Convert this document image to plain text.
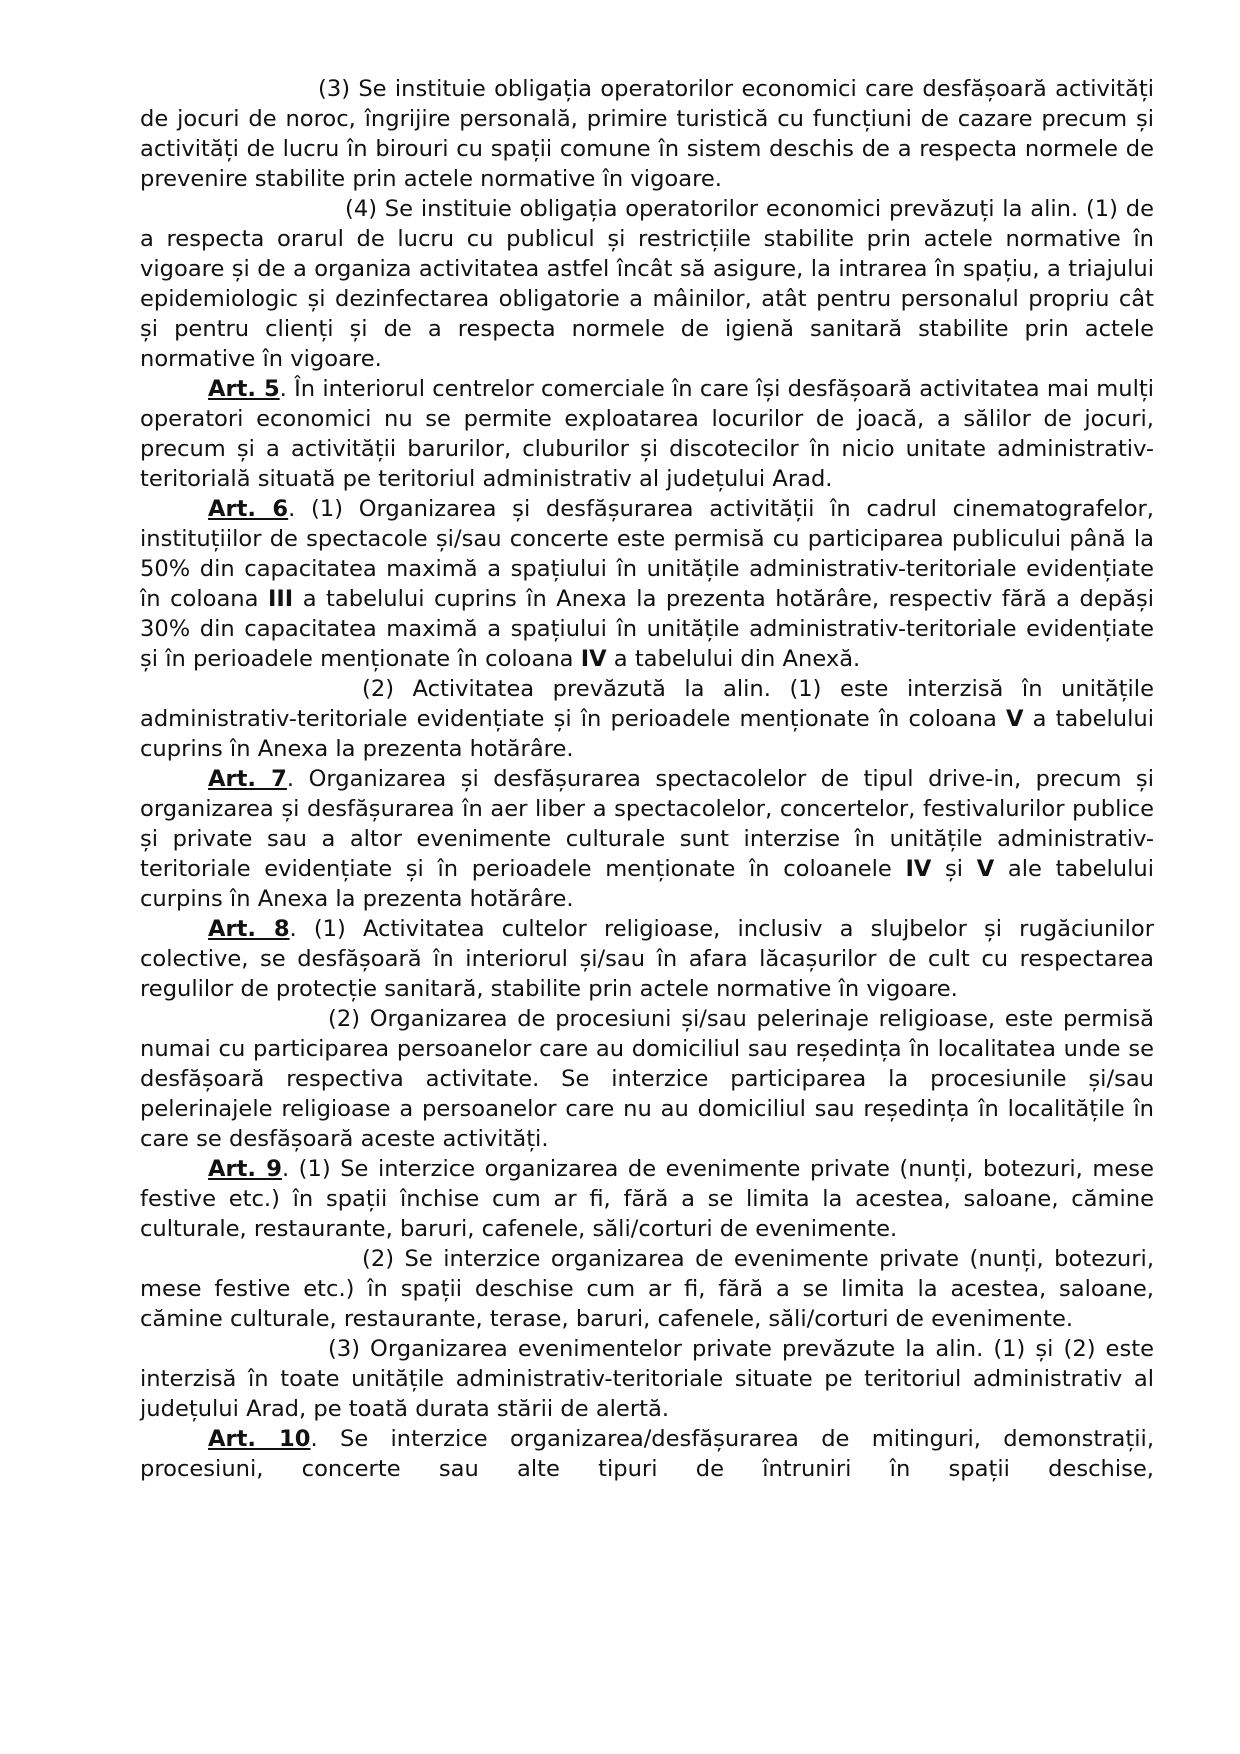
(3) Se instituie obligația operatorilor economici care desfășoară activități de jocuri de noroc, îngrijire personală, primire turistică cu funcțiuni de cazare precum și activități de lucru în birouri cu spații comune în sistem deschis de a respecta normele de prevenire stabilite prin actele normative în vigoare.

(4) Se instituie obligația operatorilor economici prevăzuți la alin. (1) de a respecta orarul de lucru cu publicul și restricțiile stabilite prin actele normative în vigoare și de a organiza activitatea astfel încât să asigure, la intrarea în spațiu, a triajului epidemiologic și dezinfectarea obligatorie a mâinilor, atât pentru personalul propriu cât și pentru clienți și de a respecta normele de igienă sanitară stabilite prin actele normative în vigoare.

Art. 5. În interiorul centrelor comerciale în care își desfășoară activitatea mai mulți operatori economici nu se permite exploatarea locurilor de joacă, a sălilor de jocuri, precum și a activității barurilor, cluburilor și discotecilor în nicio unitate administrativ-teritorială situată pe teritoriul administrativ al județului Arad.

Art. 6. (1) Organizarea și desfășurarea activității în cadrul cinematografelor, instituțiilor de spectacole și/sau concerte este permisă cu participarea publicului până la 50% din capacitatea maximă a spațiului în unitățile administrativ-teritoriale evidențiate în coloana III a tabelului cuprins în Anexa la prezenta hotărâre, respectiv fără a depăși 30% din capacitatea maximă a spațiului în unitățile administrativ-teritoriale evidențiate și în perioadele menționate în coloana IV a tabelului din Anexă.

(2) Activitatea prevăzută la alin. (1) este interzisă în unitățile administrativ-teritoriale evidențiate și în perioadele menționate în coloana V a tabelului cuprins în Anexa la prezenta hotărâre.

Art. 7. Organizarea și desfășurarea spectacolelor de tipul drive-in, precum și organizarea și desfășurarea în aer liber a spectacolelor, concertelor, festivalurilor publice și private sau a altor evenimente culturale sunt interzise în unitățile administrativ-teritoriale evidențiate și în perioadele menționate în coloanele IV și V ale tabelului curpins în Anexa la prezenta hotărâre.

Art. 8. (1) Activitatea cultelor religioase, inclusiv a slujbelor și rugăciunilor colective, se desfășoară în interiorul și/sau în afara lăcașurilor de cult cu respectarea regulilor de protecție sanitară, stabilite prin actele normative în vigoare.

(2) Organizarea de procesiuni și/sau pelerinaje religioase, este permisă numai cu participarea persoanelor care au domiciliul sau reședința în localitatea unde se desfășoară respectiva activitate. Se interzice participarea la procesiunile și/sau pelerinajele religioase a persoanelor care nu au domiciliul sau reședința în localitățile în care se desfășoară aceste activități.

Art. 9. (1) Se interzice organizarea de evenimente private (nunți, botezuri, mese festive etc.) în spații închise cum ar fi, fără a se limita la acestea, saloane, cămine culturale, restaurante, baruri, cafenele, săli/corturi de evenimente.

(2) Se interzice organizarea de evenimente private (nunți, botezuri, mese festive etc.) în spații deschise cum ar fi, fără a se limita la acestea, saloane, cămine culturale, restaurante, terase, baruri, cafenele, săli/corturi de evenimente.

(3) Organizarea evenimentelor private prevăzute la alin. (1) și (2) este interzisă în toate unitățile administrativ-teritoriale situate pe teritoriul administrativ al județului Arad, pe toată durata stării de alertă.

Art. 10. Se interzice organizarea/desfășurarea de mitinguri, demonstrații, procesiuni, concerte sau alte tipuri de întruniri în spații deschise,
